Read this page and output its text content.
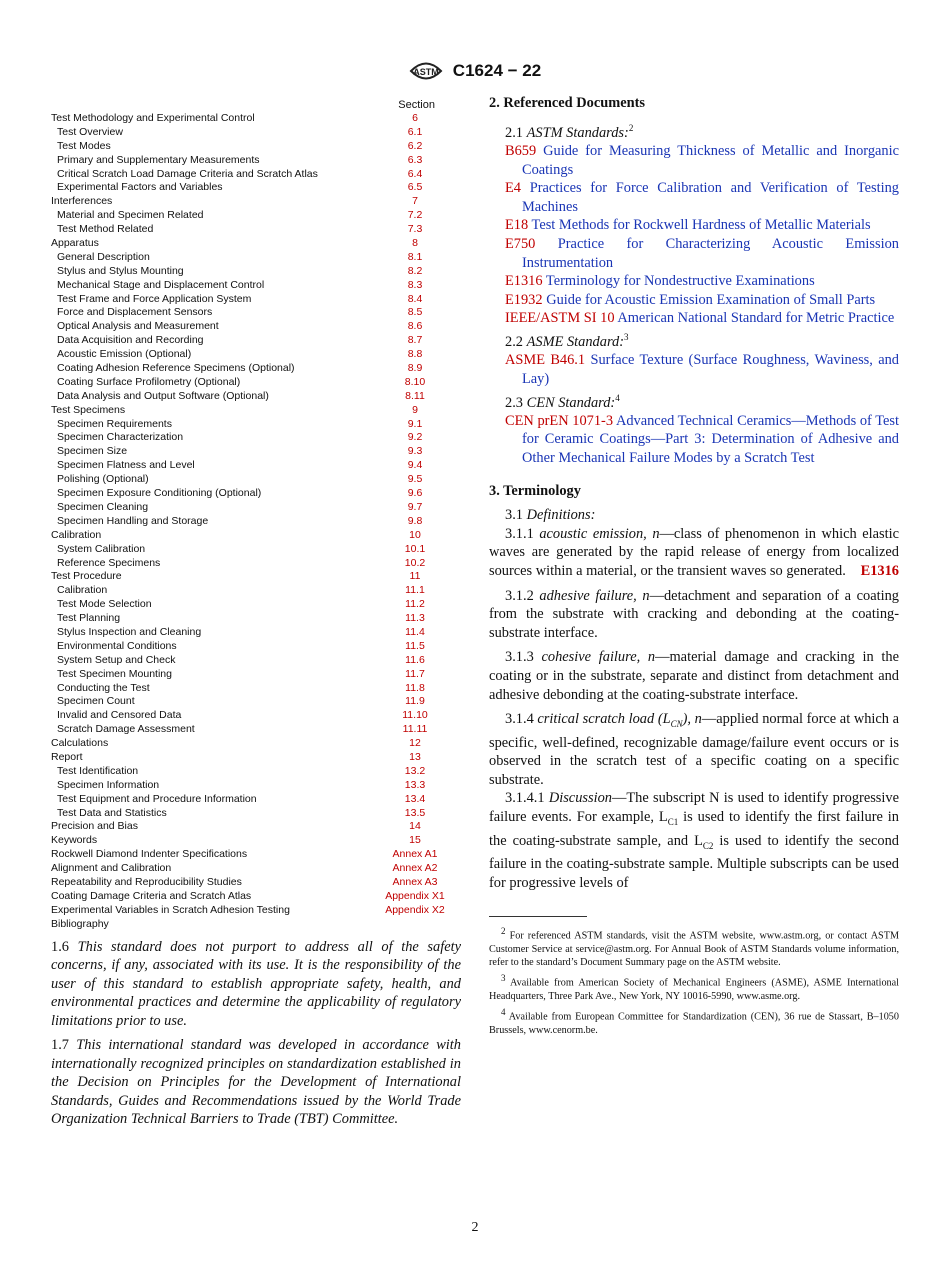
ASTM C1624 − 22
Section
Test Methodology and Experimental Control	6
Test Overview	6.1
Test Modes	6.2
Primary and Supplementary Measurements	6.3
Critical Scratch Load Damage Criteria and Scratch Atlas	6.4
Experimental Factors and Variables	6.5
Interferences	7
Material and Specimen Related	7.2
Test Method Related	7.3
Apparatus	8
General Description	8.1
Stylus and Stylus Mounting	8.2
Mechanical Stage and Displacement Control	8.3
Test Frame and Force Application System	8.4
Force and Displacement Sensors	8.5
Optical Analysis and Measurement	8.6
Data Acquisition and Recording	8.7
Acoustic Emission (Optional)	8.8
Coating Adhesion Reference Specimens (Optional)	8.9
Coating Surface Profilometry (Optional)	8.10
Data Analysis and Output Software (Optional)	8.11
Test Specimens	9
Specimen Requirements	9.1
Specimen Characterization	9.2
Specimen Size	9.3
Specimen Flatness and Level	9.4
Polishing (Optional)	9.5
Specimen Exposure Conditioning (Optional)	9.6
Specimen Cleaning	9.7
Specimen Handling and Storage	9.8
Calibration	10
System Calibration	10.1
Reference Specimens	10.2
Test Procedure	11
Calibration	11.1
Test Mode Selection	11.2
Test Planning	11.3
Stylus Inspection and Cleaning	11.4
Environmental Conditions	11.5
System Setup and Check	11.6
Test Specimen Mounting	11.7
Conducting the Test	11.8
Specimen Count	11.9
Invalid and Censored Data	11.10
Scratch Damage Assessment	11.11
Calculations	12
Report	13
Test Identification	13.2
Specimen Information	13.3
Test Equipment and Procedure Information	13.4
Test Data and Statistics	13.5
Precision and Bias	14
Keywords	15
Rockwell Diamond Indenter Specifications	Annex A1
Alignment and Calibration	Annex A2
Repeatability and Reproducibility Studies	Annex A3
Coating Damage Criteria and Scratch Atlas	Appendix X1
Experimental Variables in Scratch Adhesion Testing	Appendix X2
Bibliography

1.6 This standard does not purport to address all of the safety concerns, if any, associated with its use. It is the responsibility of the user of this standard to establish appropriate safety, health, and environmental practices and determine the applicability of regulatory limitations prior to use.

1.7 This international standard was developed in accordance with internationally recognized principles on standardization established in the Decision on Principles for the Development of International Standards, Guides and Recommendations issued by the World Trade Organization Technical Barriers to Trade (TBT) Committee.

2. Referenced Documents

2.1 ASTM Standards:$^2$

B659 Guide for Measuring Thickness of Metallic and Inorganic Coatings

E4 Practices for Force Calibration and Verification of Testing Machines

E18 Test Methods for Rockwell Hardness of Metallic Materials

E750 Practice for Characterizing Acoustic Emission Instrumentation

E1316 Terminology for Nondestructive Examinations

E1932 Guide for Acoustic Emission Examination of Small Parts

IEEE/ASTM SI 10 American National Standard for Metric Practice

2.2 ASME Standard:$^3$

ASME B46.1 Surface Texture (Surface Roughness, Waviness, and Lay)

2.3 CEN Standard:$^4$

CEN prEN 1071-3 Advanced Technical Ceramics—Methods of Test for Ceramic Coatings—Part 3: Determination of Adhesive and Other Mechanical Failure Modes by a Scratch Test

3. Terminology

3.1 Definitions:

3.1.1 acoustic emission, n—class of phenomenon in which elastic waves are generated by the rapid release of energy from localized sources within a material, or the transient waves so generated.	E1316

3.1.2 adhesive failure, n—detachment and separation of a coating from the substrate with cracking and debonding at the coating-substrate interface.

3.1.3 cohesive failure, n—material damage and cracking in the coating or in the substrate, separate and distinct from detachment and adhesive debonding at the coating-substrate interface.

3.1.4 critical scratch load $(L_{CN})$, n—applied normal force at which a specific, well-defined, recognizable damage/failure event occurs or is observed in the scratch test of a specific coating on a specific substrate.

3.1.4.1 Discussion—The subscript N is used to identify progressive failure events. For example, $L_{C1}$ is used to identify the first failure in the coating-substrate sample, and $L_{C2}$ is used to identify the second failure in the coating-substrate sample. Multiple subscripts can be used for progressive levels of

$^2$ For referenced ASTM standards, visit the ASTM website, www.astm.org, or contact ASTM Customer Service at service@astm.org. For Annual Book of ASTM Standards volume information, refer to the standard’s Document Summary page on the ASTM website.

$^3$ Available from American Society of Mechanical Engineers (ASME), ASME International Headquarters, Three Park Ave., New York, NY 10016-5990, www.asme.org.

$^4$ Available from European Committee for Standardization (CEN), 36 rue de Stassart, B–1050 Brussels, www.cenorm.be.

2
